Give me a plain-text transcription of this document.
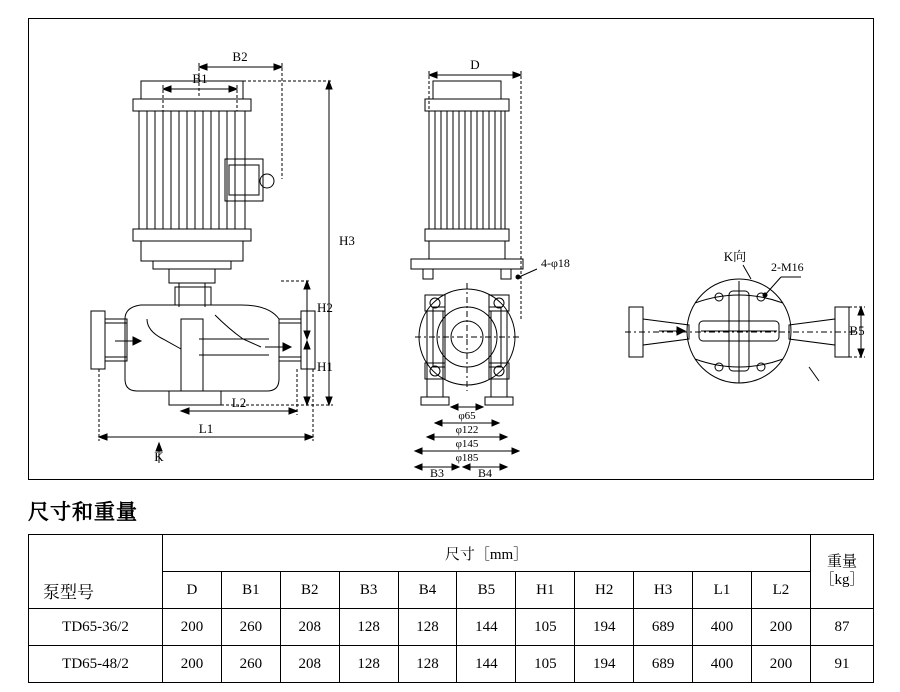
B2
B1
H3
H2
H1
L2
L1
K
D
4-φ18
φ65
φ122
φ145
φ185
B3	B4
K向
2-M16
B5
尺寸和重量
泵型号	尺寸［mm］											重量
［kg］

	D	B1	B2	B3	B4	B5	H1	H2	H3	L1	L2	
TD65-36/2	200	260	208	128	128	144	105	194	689	400	200	87
TD65-48/2	200	260	208	128	128	144	105	194	689	400	200	91
